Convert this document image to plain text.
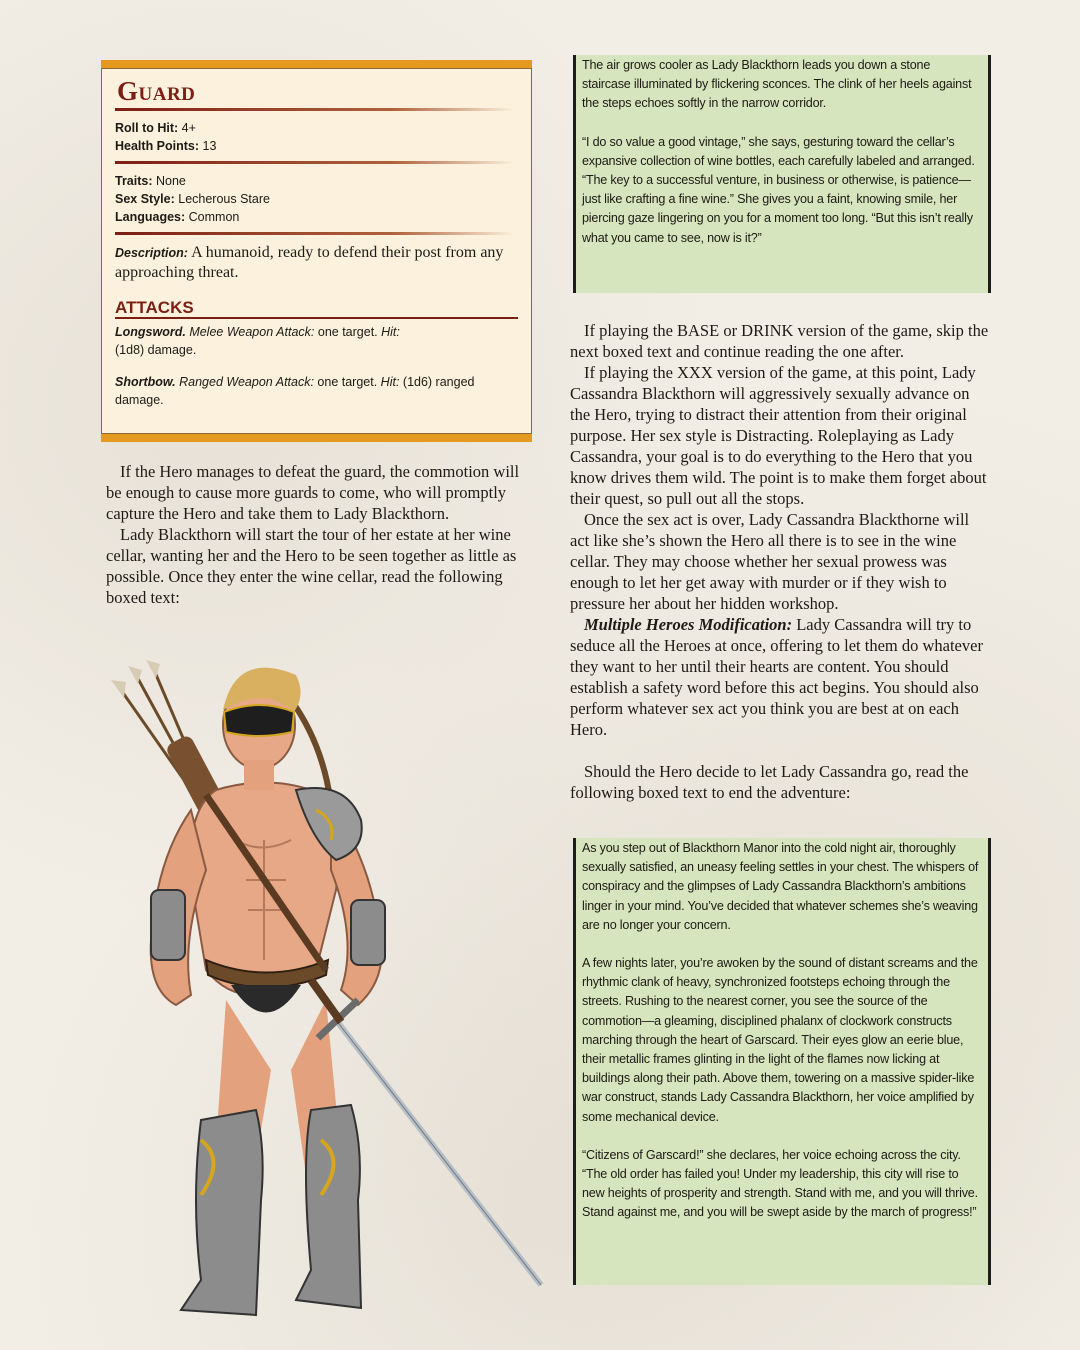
Guard
Roll to Hit: 4+
Health Points: 13
Traits: None
Sex Style: Lecherous Stare
Languages: Common
Description: A humanoid, ready to defend their post from any approaching threat.
ATTACKS
Longsword. Melee Weapon Attack: one target. Hit:
(1d8) damage.
Shortbow. Ranged Weapon Attack: one target. Hit: (1d6) ranged damage.

If the Hero manages to defeat the guard, the commotion will be enough to cause more guards to come, who will promptly capture the Hero and take them to Lady Blackthorn.

Lady Blackthorn will start the tour of her estate at her wine cellar, wanting her and the Hero to be seen together as little as possible. Once they enter the wine cellar, read the following boxed text:

The air grows cooler as Lady Blackthorn leads you down a stone staircase illuminated by flickering sconces. The clink of her heels against the steps echoes softly in the narrow corridor.

“I do so value a good vintage,” she says, gesturing toward the cellar’s expansive collection of wine bottles, each carefully labeled and arranged. “The key to a successful venture, in business or otherwise, is patience—just like crafting a fine wine.” She gives you a faint, knowing smile, her piercing gaze lingering on you for a moment too long. “But this isn’t really what you came to see, now is it?”

If playing the BASE or DRINK version of the game, skip the next boxed text and continue reading the one after.

If playing the XXX version of the game, at this point, Lady Cassandra Blackthorn will aggressively sexually advance on the Hero, trying to distract their attention from their original purpose. Her sex style is Distracting. Roleplaying as Lady Cassandra, your goal is to do everything to the Hero that you know drives them wild. The point is to make them forget about their quest, so pull out all the stops.

Once the sex act is over, Lady Cassandra Blackthorne will act like she’s shown the Hero all there is to see in the wine cellar. They may choose whether her sexual prowess was enough to let her get away with murder or if they wish to pressure her about her hidden workshop.

Multiple Heroes Modification: Lady Cassandra will try to seduce all the Heroes at once, offering to let them do whatever they want to her until their hearts are content. You should establish a safety word before this act begins. You should also perform whatever sex act you think you are best at on each Hero.

Should the Hero decide to let Lady Cassandra go, read the following boxed text to end the adventure:

As you step out of Blackthorn Manor into the cold night air, thoroughly sexually satisfied, an uneasy feeling settles in your chest. The whispers of conspiracy and the glimpses of Lady Cassandra Blackthorn’s ambitions linger in your mind. You’ve decided that whatever schemes she’s weaving are no longer your concern.

A few nights later, you’re awoken by the sound of distant screams and the rhythmic clank of heavy, synchronized footsteps echoing through the streets. Rushing to the nearest corner, you see the source of the commotion—a gleaming, disciplined phalanx of clockwork constructs marching through the heart of Garscard. Their eyes glow an eerie blue, their metallic frames glinting in the light of the flames now licking at buildings along their path. Above them, towering on a massive spider-like war construct, stands Lady Cassandra Blackthorn, her voice amplified by some mechanical device.

“Citizens of Garscard!” she declares, her voice echoing across the city. “The old order has failed you! Under my leadership, this city will rise to new heights of prosperity and strength. Stand with me, and you will thrive. Stand against me, and you will be swept aside by the march of progress!”
